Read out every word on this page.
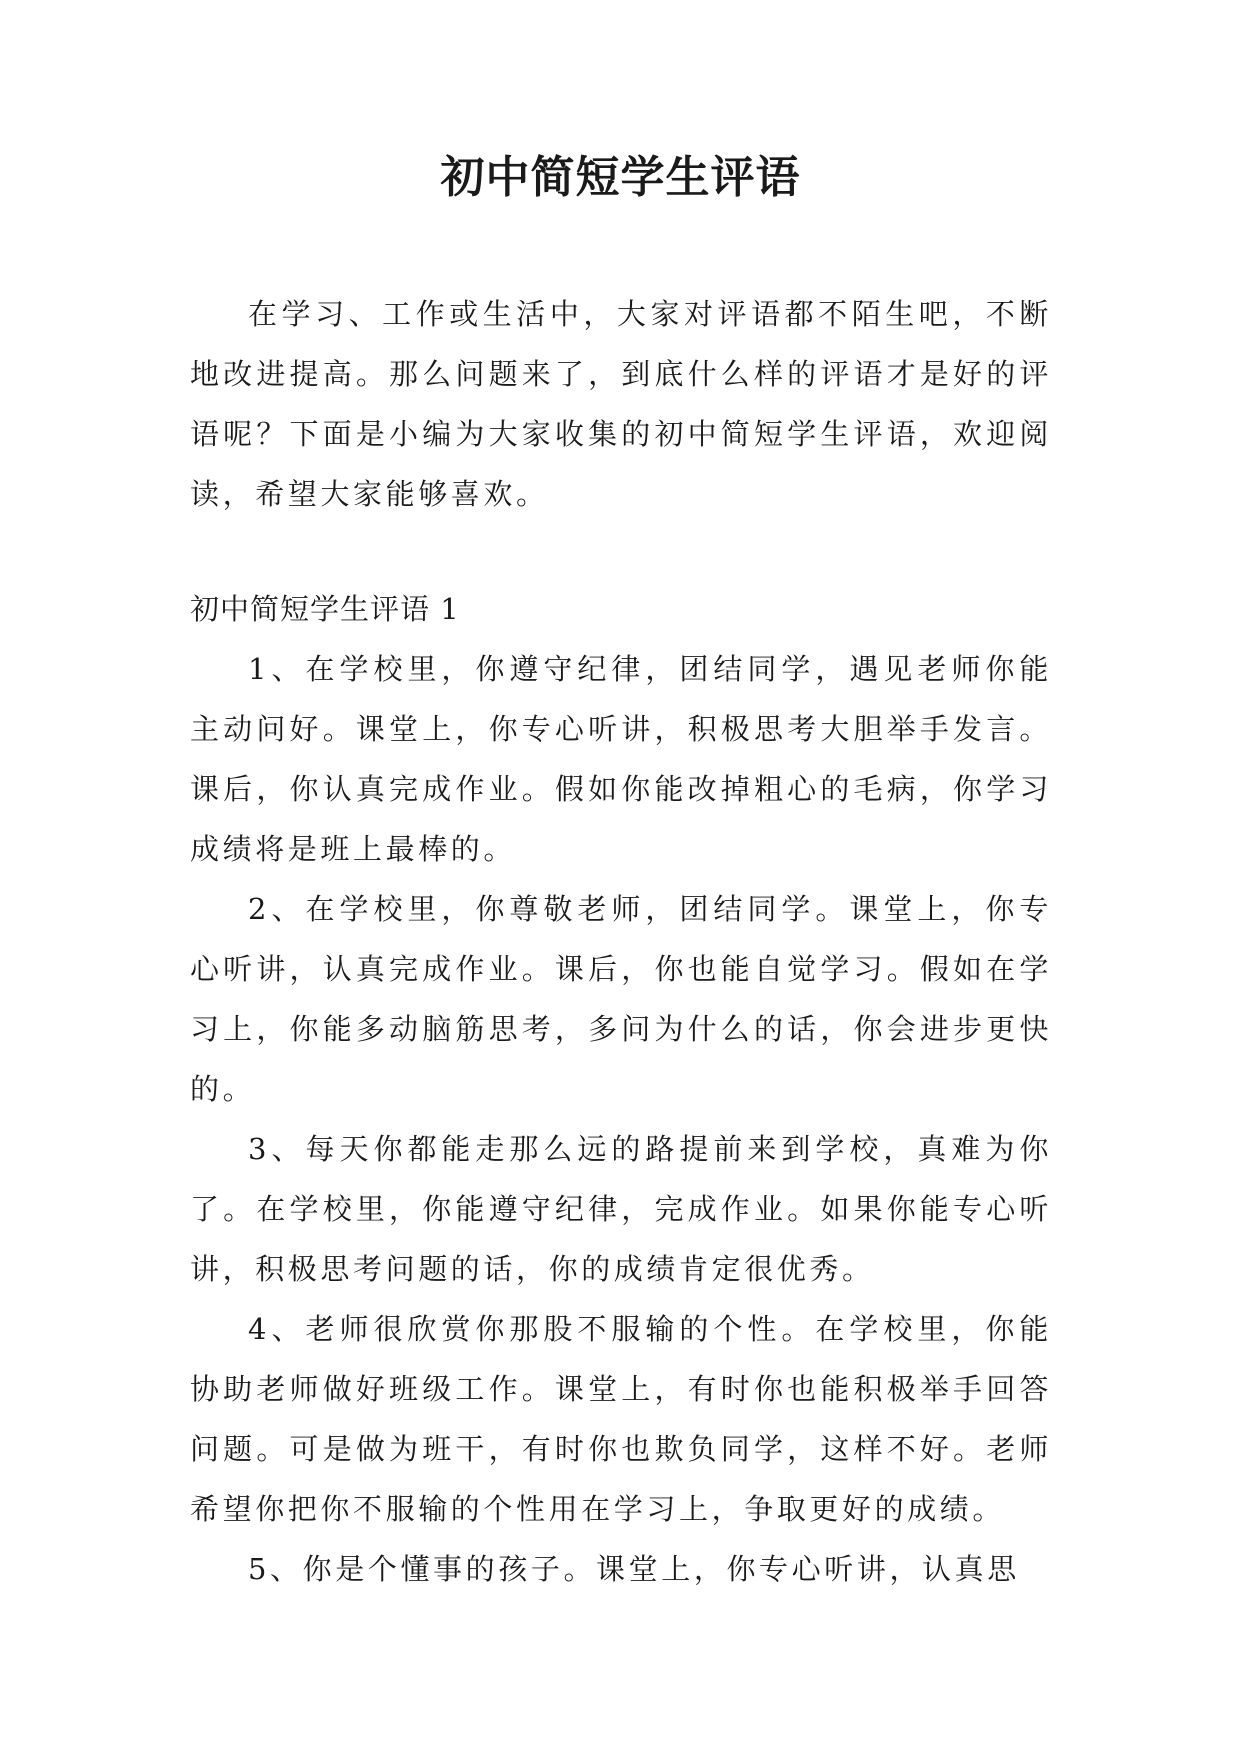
初中简短学生评语

在学习、工作或生活中，大家对评语都不陌生吧，不断地改进提高。那么问题来了，到底什么样的评语才是好的评语呢？下面是小编为大家收集的初中简短学生评语，欢迎阅读，希望大家能够喜欢。

初中简短学生评语 1

1、在学校里，你遵守纪律，团结同学，遇见老师你能主动问好。课堂上，你专心听讲，积极思考大胆举手发言。课后，你认真完成作业。假如你能改掉粗心的毛病，你学习成绩将是班上最棒的。

2、在学校里，你尊敬老师，团结同学。课堂上，你专心听讲，认真完成作业。课后，你也能自觉学习。假如在学习上，你能多动脑筋思考，多问为什么的话，你会进步更快的。

3、每天你都能走那么远的路提前来到学校，真难为你了。在学校里，你能遵守纪律，完成作业。如果你能专心听讲，积极思考问题的话，你的成绩肯定很优秀。

4、老师很欣赏你那股不服输的个性。在学校里，你能协助老师做好班级工作。课堂上，有时你也能积极举手回答问题。可是做为班干，有时你也欺负同学，这样不好。老师希望你把你不服输的个性用在学习上，争取更好的成绩。

5、你是个懂事的孩子。课堂上，你专心听讲，认真思
